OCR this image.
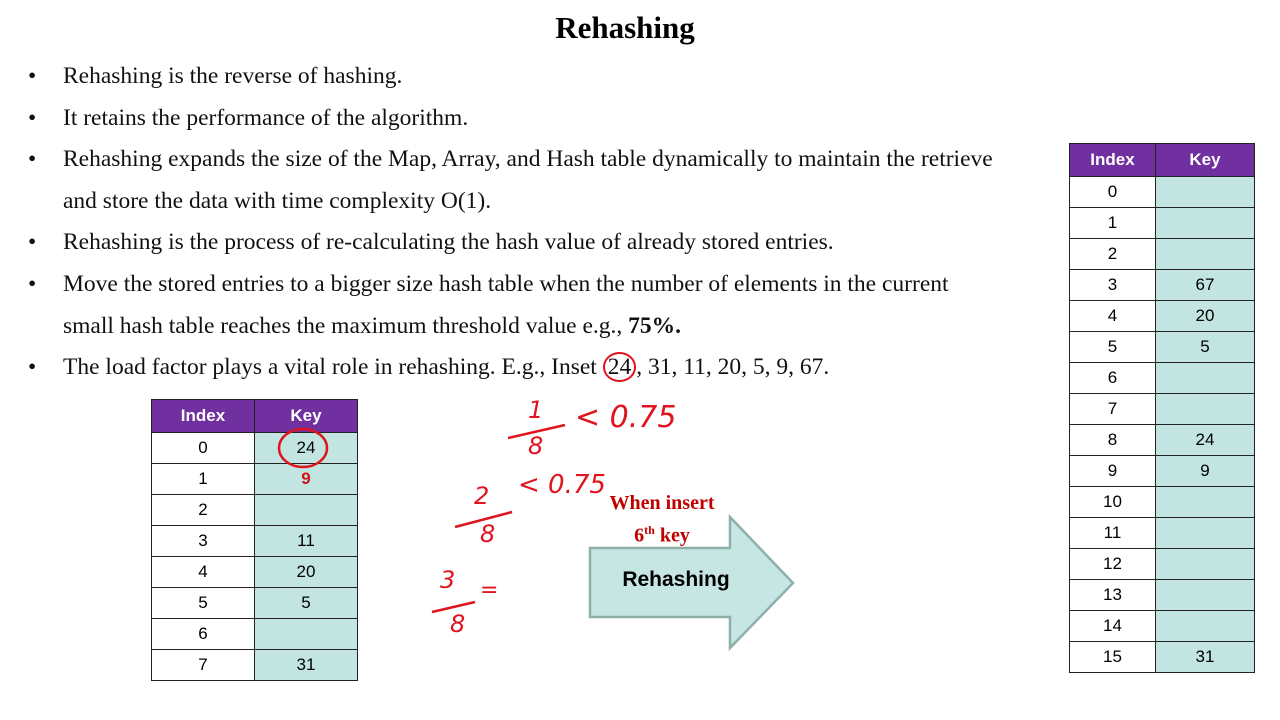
Rehashing
• Rehashing is the reverse of hashing.
• It retains the performance of the algorithm.
• Rehashing expands the size of the Map, Array, and Hash table dynamically to maintain the retrieve and store the data with time complexity O(1).
• Rehashing is the process of re-calculating the hash value of already stored entries.
• Move the stored entries to a bigger size hash table when the number of elements in the current small hash table reaches the maximum threshold value e.g., 75%.
• The load factor plays a vital role in rehashing. E.g., Inset 24 , 31, 11, 20, 5, 9, 67.
Index	Key
0	24
1	9
2	
3	11
4	20
5	5
6	
7	31
Index	Key
0	
1	
2	
3	67
4	20
5	5
6	
7	
8	24
9	9
10	
11	
12	
13	
14	
15	31
1
8
< 0.75
2
8
< 0.75
3
8
=
When insert
6th key
Rehashing
